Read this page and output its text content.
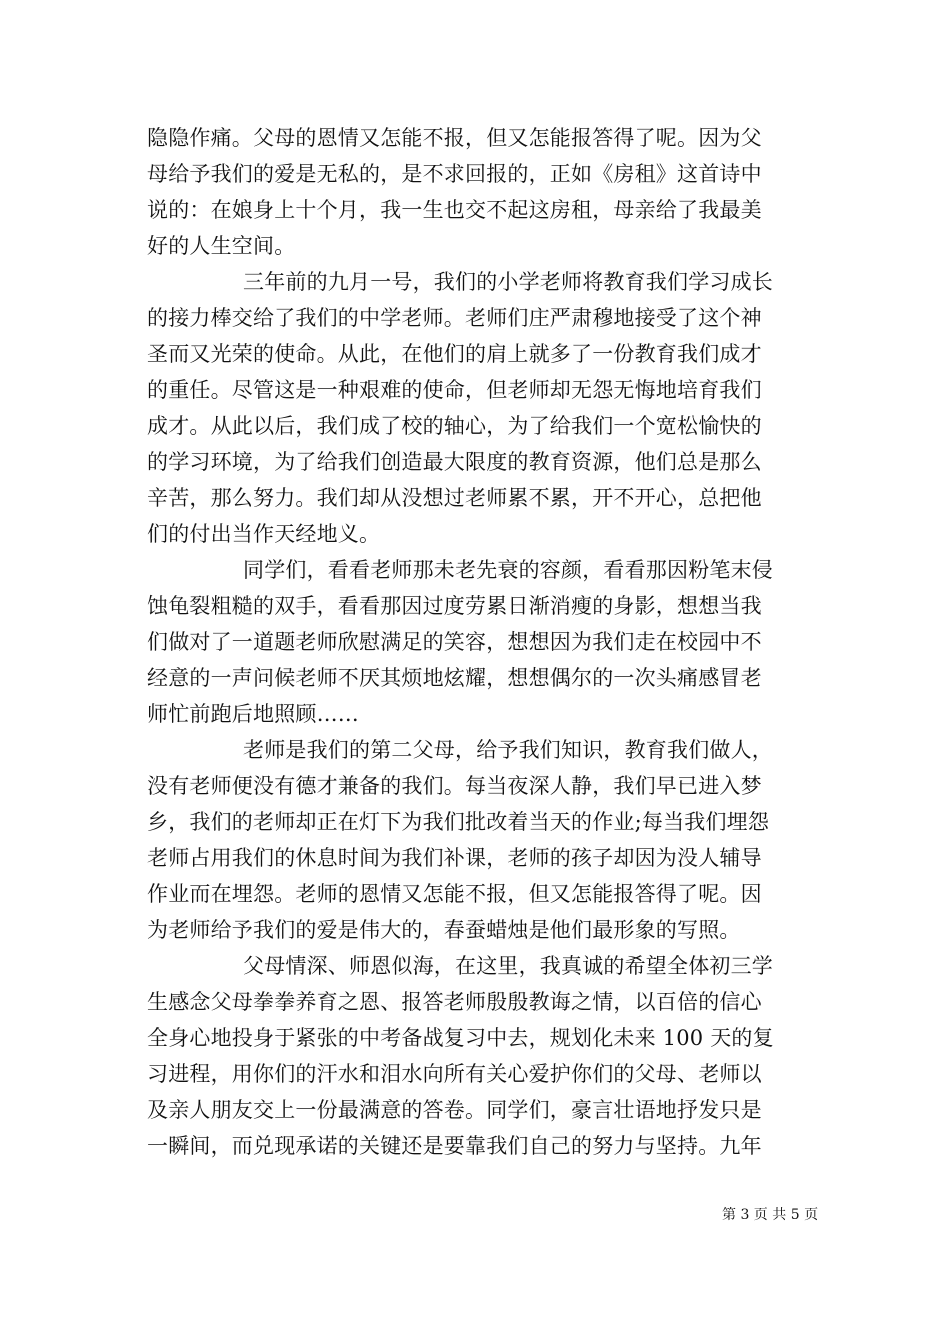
隐隐作痛。父母的恩情又怎能不报，但又怎能报答得了呢。因为父
母给予我们的爱是无私的，是不求回报的，正如《房租》这首诗中
说的：在娘身上十个月，我一生也交不起这房租，母亲给了我最美
好的人生空间。
三年前的九月一号，我们的小学老师将教育我们学习成长
的接力棒交给了我们的中学老师。老师们庄严肃穆地接受了这个神
圣而又光荣的使命。从此，在他们的肩上就多了一份教育我们成才
的重任。尽管这是一种艰难的使命，但老师却无怨无悔地培育我们
成才。从此以后，我们成了校的轴心，为了给我们一个宽松愉快的
的学习环境，为了给我们创造最大限度的教育资源，他们总是那么
辛苦，那么努力。我们却从没想过老师累不累，开不开心，总把他
们的付出当作天经地义。
同学们，看看老师那未老先衰的容颜，看看那因粉笔末侵
蚀龟裂粗糙的双手，看看那因过度劳累日渐消瘦的身影，想想当我
们做对了一道题老师欣慰满足的笑容，想想因为我们走在校园中不
经意的一声问候老师不厌其烦地炫耀，想想偶尔的一次头痛感冒老
师忙前跑后地照顾……
老师是我们的第二父母，给予我们知识，教育我们做人，
没有老师便没有德才兼备的我们。每当夜深人静，我们早已进入梦
乡，我们的老师却正在灯下为我们批改着当天的作业;每当我们埋怨
老师占用我们的休息时间为我们补课，老师的孩子却因为没人辅导
作业而在埋怨。老师的恩情又怎能不报，但又怎能报答得了呢。因
为老师给予我们的爱是伟大的，春蚕蜡烛是他们最形象的写照。
父母情深、师恩似海，在这里，我真诚的希望全体初三学
生感念父母拳拳养育之恩、报答老师殷殷教诲之情，以百倍的信心
全身心地投身于紧张的中考备战复习中去，规划化未来 100 天的复
习进程，用你们的汗水和泪水向所有关心爱护你们的父母、老师以
及亲人朋友交上一份最满意的答卷。同学们，豪言壮语地抒发只是
一瞬间，而兑现承诺的关键还是要靠我们自己的努力与坚持。九年
第 3 页 共 5 页
